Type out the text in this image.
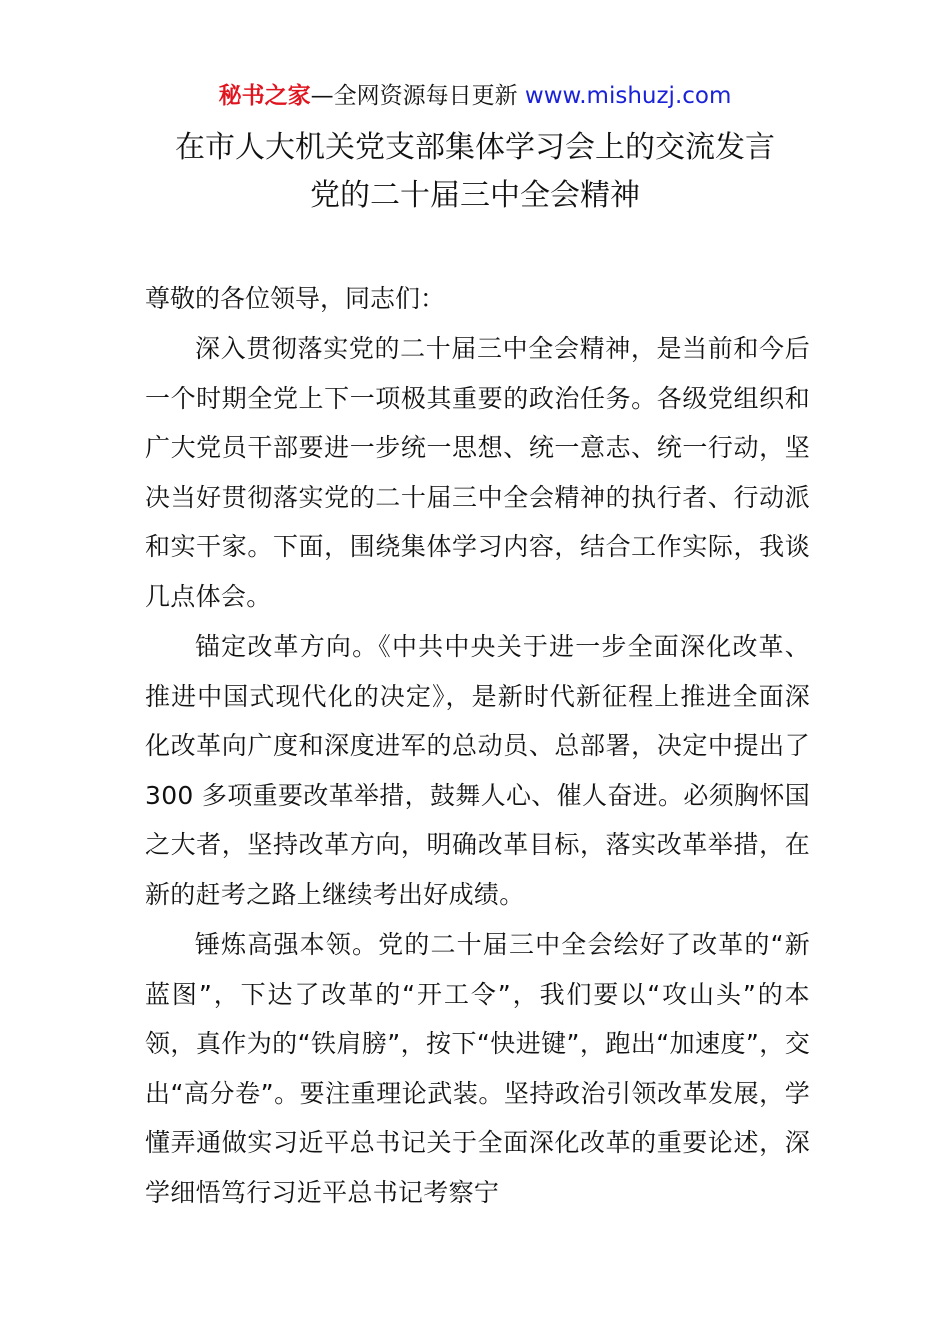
秘书之家—全网资源每日更新 www.mishuzj.com
在市人大机关党支部集体学习会上的交流发言
党的二十届三中全会精神
尊敬的各位领导，同志们：
深入贯彻落实党的二十届三中全会精神，是当前和今后一个时期全党上下一项极其重要的政治任务。各级党组织和广大党员干部要进一步统一思想、统一意志、统一行动，坚决当好贯彻落实党的二十届三中全会精神的执行者、行动派和实干家。下面，围绕集体学习内容，结合工作实际，我谈几点体会。
锚定改革方向。《中共中央关于进一步全面深化改革、推进中国式现代化的决定》，是新时代新征程上推进全面深化改革向广度和深度进军的总动员、总部署，决定中提出了 300 多项重要改革举措，鼓舞人心、催人奋进。必须胸怀国之大者，坚持改革方向，明确改革目标，落实改革举措，在新的赶考之路上继续考出好成绩。
锤炼高强本领。党的二十届三中全会绘好了改革的“新蓝图”，下达了改革的“开工令”，我们要以“攻山头”的本领，真作为的“铁肩膀”，按下“快进键”，跑出“加速度”，交出“高分卷”。要注重理论武装。坚持政治引领改革发展，学懂弄通做实习近平总书记关于全面深化改革的重要论述，深学细悟笃行习近平总书记考察宁
